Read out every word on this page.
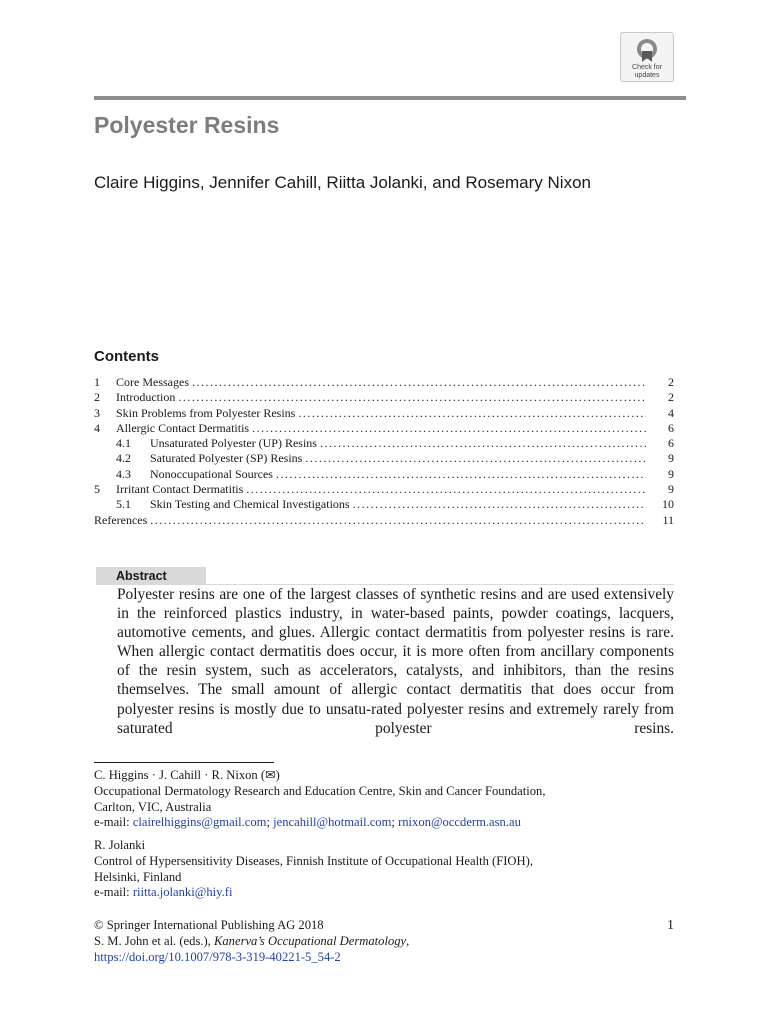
Check for
updates
Polyester Resins

Claire Higgins, Jennifer Cahill, Riitta Jolanki, and Rosemary Nixon

Contents
1	Core Messages .....	2
2	Introduction .....	2
3	Skin Problems from Polyester Resins .....	4
4	Allergic Contact Dermatitis .....	6
4.1	Unsaturated Polyester (UP) Resins .....	6
4.2	Saturated Polyester (SP) Resins .....	9
4.3	Nonoccupational Sources .....	9
5	Irritant Contact Dermatitis .....	9
5.1	Skin Testing and Chemical Investigations .....	10
References .....	11
Abstract

Polyester resins are one of the largest classes of synthetic resins and are used extensively in the reinforced plastics industry, in water-based paints, powder coatings, lacquers, automotive cements, and glues. Allergic contact dermatitis from polyester resins is rare. When allergic contact dermatitis does occur, it is more often from ancillary components of the resin system, such as accelerators, catalysts, and inhibitors, than the resins themselves. The small amount of allergic contact dermatitis that does occur from polyester resins is mostly due to unsatu-rated polyester resins and extremely rarely from saturated polyester resins.

C. Higgins · J. Cahill · R. Nixon (✉)

Occupational Dermatology Research and Education Centre, Skin and Cancer Foundation,

Carlton, VIC, Australia

e-mail: clairelhiggins@gmail.com; jencahill@hotmail.com; rnixon@occderm.asn.au

R. Jolanki

Control of Hypersensitivity Diseases, Finnish Institute of Occupational Health (FIOH),

Helsinki, Finland

e-mail: riitta.jolanki@hiy.fi

© Springer International Publishing AG 2018

S. M. John et al. (eds.), Kanerva’s Occupational Dermatology,

https://doi.org/10.1007/978-3-319-40221-5_54-2

1
